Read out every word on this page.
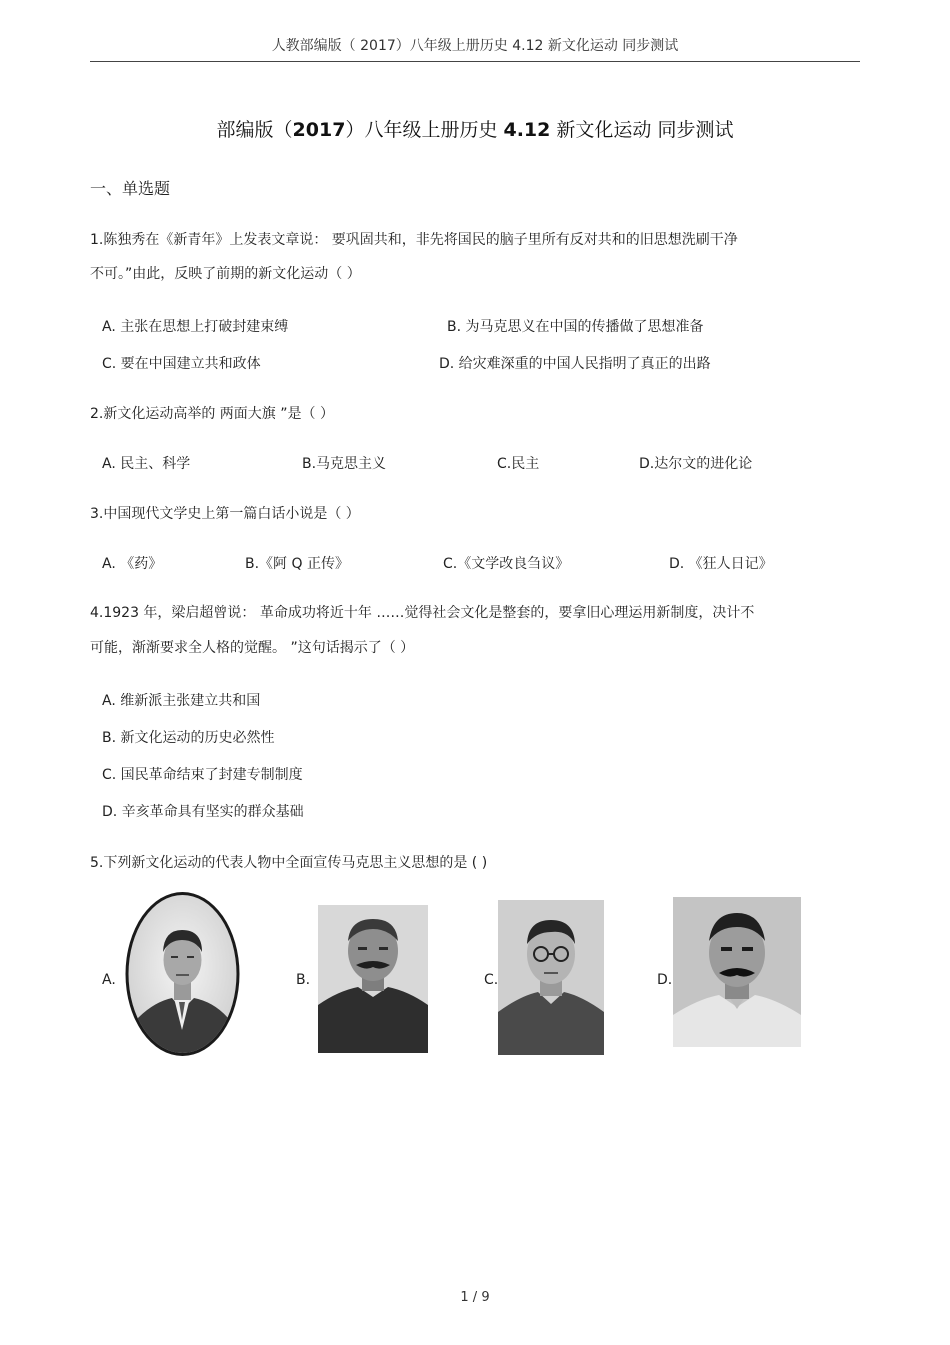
人教部编版（ 2017）八年级上册历史 4.12 新文化运动 同步测试
部编版（2017）八年级上册历史 4.12 新文化运动 同步测试
一、单选题
1.陈独秀在《新青年》上发表文章说： 要巩固共和，非先将国民的脑子里所有反对共和的旧思想洗刷干净
不可。”由此，反映了前期的新文化运动（ ）
A. 主张在思想上打破封建束缚	B. 为马克思义在中国的传播做了思想准备
C. 要在中国建立共和政体	D. 给灾难深重的中国人民指明了真正的出路
2.新文化运动高举的 两面大旗 ”是（ ）
A. 民主、科学	B.马克思主义	C.民主	D.达尔文的进化论
3.中国现代文学史上第一篇白话小说是（ ）
A. 《药》	B.《阿 Q 正传》	C.《文学改良刍议》	D. 《狂人日记》
4.1923 年，梁启超曾说： 革命成功将近十年 ……觉得社会文化是整套的，要拿旧心理运用新制度，决计不
可能，渐渐要求全人格的觉醒。 ”这句话揭示了（ ）
A. 维新派主张建立共和国
B. 新文化运动的历史必然性
C. 国民革命结束了封建专制制度
D. 辛亥革命具有坚实的群众基础
5.下列新文化运动的代表人物中全面宣传马克思主义思想的是 ( )
A.	B.	C.	D.
1 / 9
